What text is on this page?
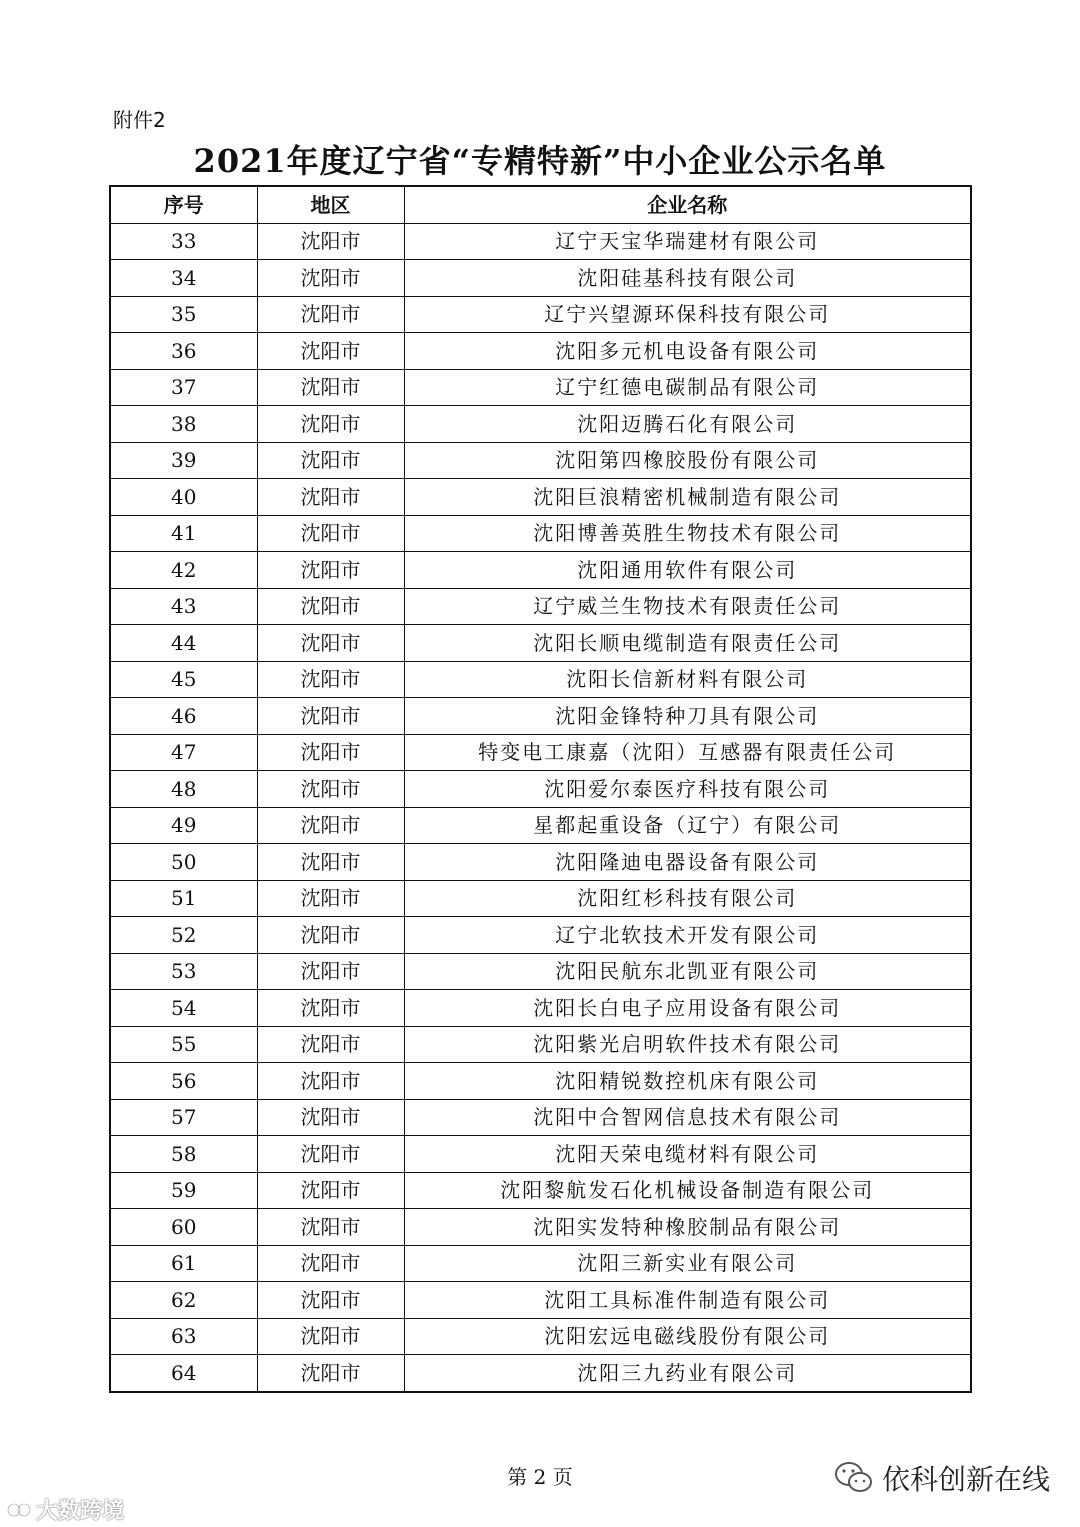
附件2
2021年度辽宁省“专精特新”中小企业公示名单
序号	地区	企业名称
33	沈阳市	辽宁天宝华瑞建材有限公司
34	沈阳市	沈阳硅基科技有限公司
35	沈阳市	辽宁兴望源环保科技有限公司
36	沈阳市	沈阳多元机电设备有限公司
37	沈阳市	辽宁红德电碳制品有限公司
38	沈阳市	沈阳迈腾石化有限公司
39	沈阳市	沈阳第四橡胶股份有限公司
40	沈阳市	沈阳巨浪精密机械制造有限公司
41	沈阳市	沈阳博善英胜生物技术有限公司
42	沈阳市	沈阳通用软件有限公司
43	沈阳市	辽宁威兰生物技术有限责任公司
44	沈阳市	沈阳长顺电缆制造有限责任公司
45	沈阳市	沈阳长信新材料有限公司
46	沈阳市	沈阳金锋特种刀具有限公司
47	沈阳市	特变电工康嘉（沈阳）互感器有限责任公司
48	沈阳市	沈阳爱尔泰医疗科技有限公司
49	沈阳市	星都起重设备（辽宁）有限公司
50	沈阳市	沈阳隆迪电器设备有限公司
51	沈阳市	沈阳红杉科技有限公司
52	沈阳市	辽宁北软技术开发有限公司
53	沈阳市	沈阳民航东北凯亚有限公司
54	沈阳市	沈阳长白电子应用设备有限公司
55	沈阳市	沈阳紫光启明软件技术有限公司
56	沈阳市	沈阳精锐数控机床有限公司
57	沈阳市	沈阳中合智网信息技术有限公司
58	沈阳市	沈阳天荣电缆材料有限公司
59	沈阳市	沈阳黎航发石化机械设备制造有限公司
60	沈阳市	沈阳实发特种橡胶制品有限公司
61	沈阳市	沈阳三新实业有限公司
62	沈阳市	沈阳工具标准件制造有限公司
63	沈阳市	沈阳宏远电磁线股份有限公司
64	沈阳市	沈阳三九药业有限公司
第 2 页
大数跨境
依科创新在线
